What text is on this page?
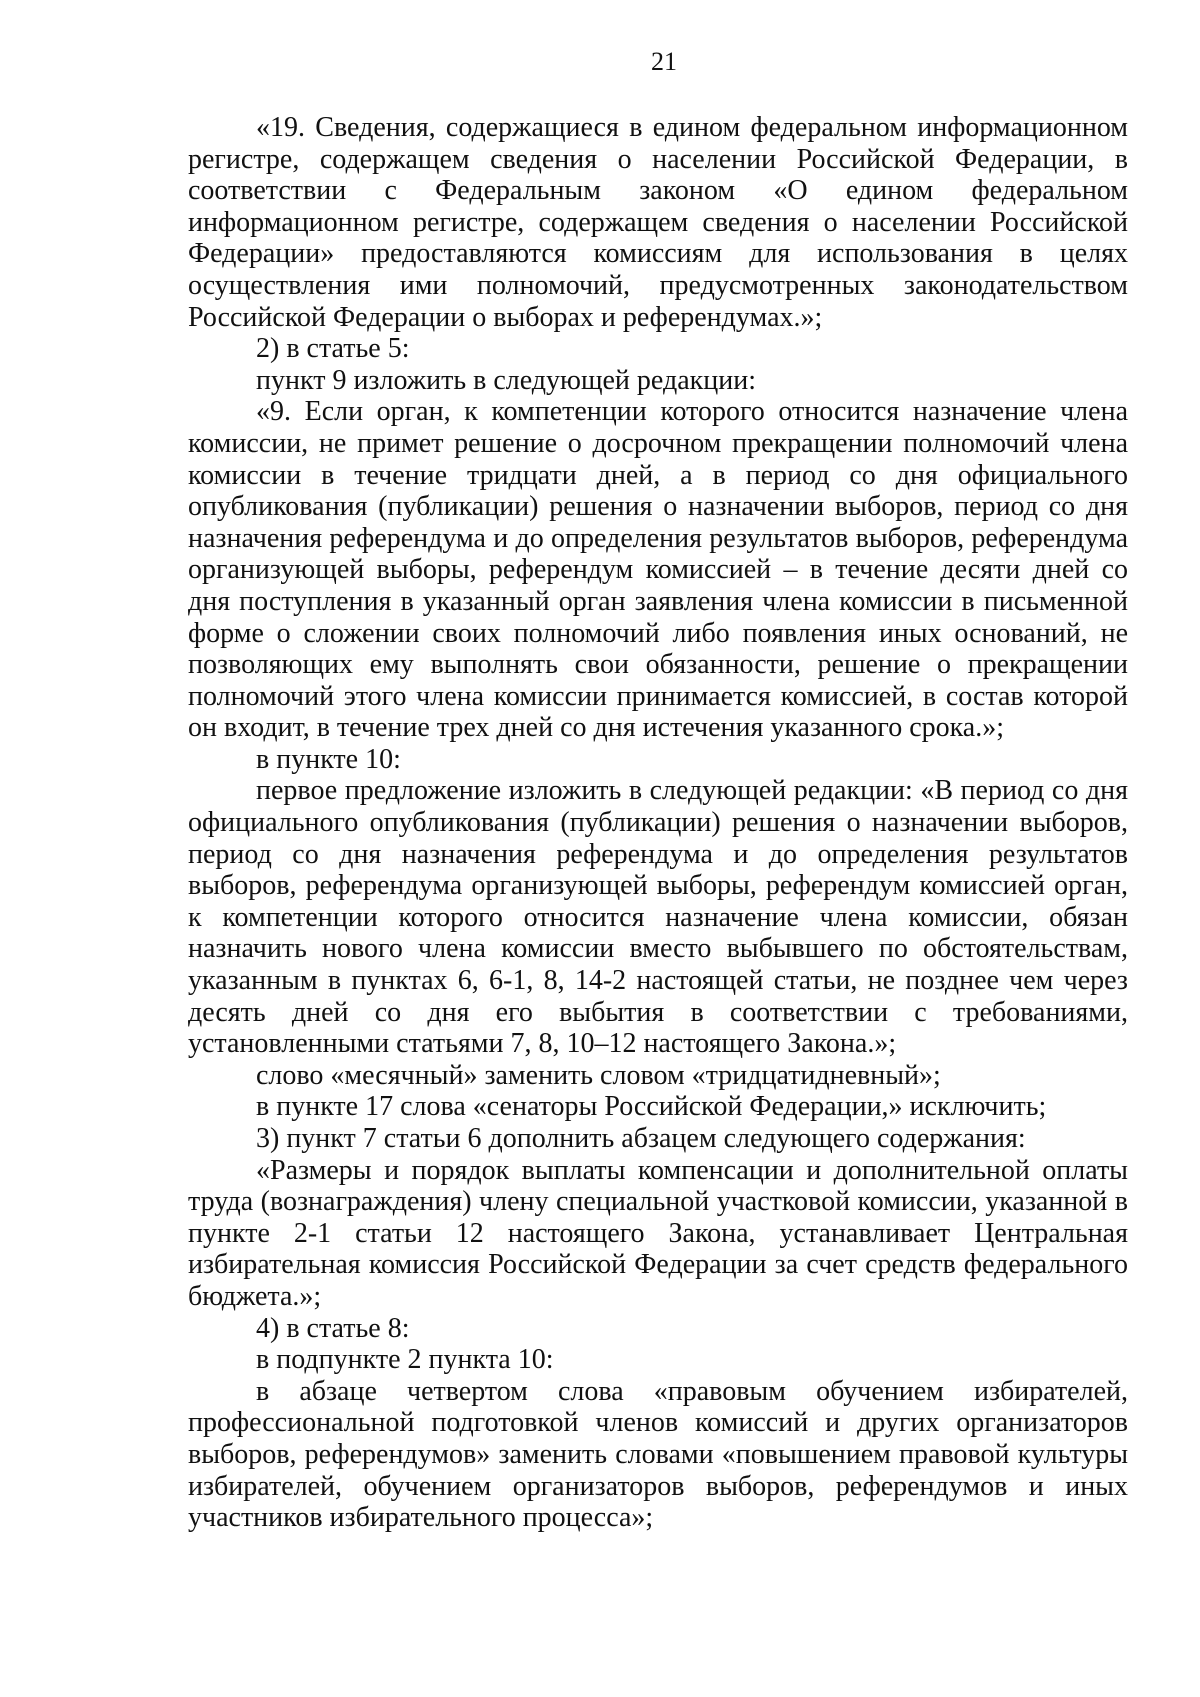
21

«19. Сведения, содержащиеся в едином федеральном информационном регистре, содержащем сведения о населении Российской Федерации, в соответствии с Федеральным законом «О едином федеральном информационном регистре, содержащем сведения о населении Российской Федерации» предоставляются комиссиям для использования в целях осуществления ими полномочий, предусмотренных законодательством Российской Федерации о выборах и референдумах.»;

2) в статье 5:

пункт 9 изложить в следующей редакции:

«9. Если орган, к компетенции которого относится назначение члена комиссии, не примет решение о досрочном прекращении полномочий члена комиссии в течение тридцати дней, а в период со дня официального опубликования (публикации) решения о назначении выборов, период со дня назначения референдума и до определения результатов выборов, референдума организующей выборы, референдум комиссией – в течение десяти дней со дня поступления в указанный орган заявления члена комиссии в письменной форме о сложении своих полномочий либо появления иных оснований, не позволяющих ему выполнять свои обязанности, решение о прекращении полномочий этого члена комиссии принимается комиссией, в состав которой он входит, в течение трех дней со дня истечения указанного срока.»;

в пункте 10:

первое предложение изложить в следующей редакции: «В период со дня официального опубликования (публикации) решения о назначении выборов, период со дня назначения референдума и до определения результатов выборов, референдума организующей выборы, референдум комиссией орган, к компетенции которого относится назначение члена комиссии, обязан назначить нового члена комиссии вместо выбывшего по обстоятельствам, указанным в пунктах 6, 6-1, 8, 14-2 настоящей статьи, не позднее чем через десять дней со дня его выбытия в соответствии с требованиями, установленными статьями 7, 8, 10–12 настоящего Закона.»;

слово «месячный» заменить словом «тридцатидневный»;

в пункте 17 слова «сенаторы Российской Федерации,» исключить;

3) пункт 7 статьи 6 дополнить абзацем следующего содержания:

«Размеры и порядок выплаты компенсации и дополнительной оплаты труда (вознаграждения) члену специальной участковой комиссии, указанной в пункте 2-1 статьи 12 настоящего Закона, устанавливает Центральная избирательная комиссия Российской Федерации за счет средств федерального бюджета.»;

4) в статье 8:

в подпункте 2 пункта 10:

в абзаце четвертом слова «правовым обучением избирателей, профессиональной подготовкой членов комиссий и других организаторов выборов, референдумов» заменить словами «повышением правовой культуры избирателей, обучением организаторов выборов, референдумов и иных участников избирательного процесса»;
